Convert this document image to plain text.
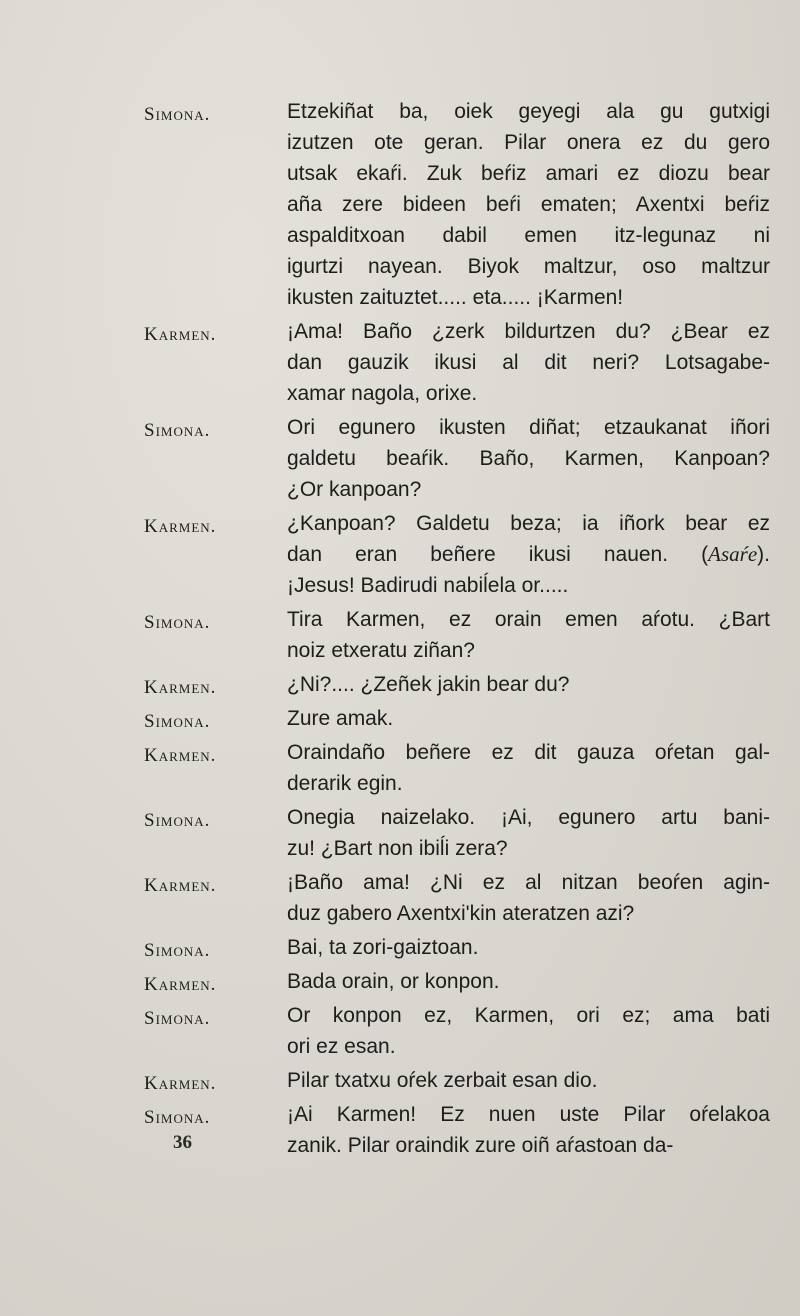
Simona.	Etzekiñat ba, oiek geyegi ala gu gutxigi
izutzen ote geran. Pilar onera ez du gero
utsak ekaŕi. Zuk beŕiz amari ez diozu bear
aña zere bideen beŕi ematen; Axentxi beŕiz
aspalditxoan dabil emen itz-legunaz ni
igurtzi nayean. Biyok maltzur, oso maltzur
ikusten zaituztet..... eta..... ¡Karmen!
Karmen.	¡Ama! Baño ¿zerk bildurtzen du? ¿Bear ez
dan gauzik ikusi al dit neri? Lotsagabe-
xamar nagola, orixe.
Simona.	Ori egunero ikusten diñat; etzaukanat iñori
galdetu beaŕik. Baño, Karmen, Kanpoan?
¿Or kanpoan?
Karmen.	¿Kanpoan? Galdetu beza; ia iñork bear ez
dan eran beñere ikusi nauen. (Asaŕe).
¡Jesus! Badirudi nabiĺela or.....
Simona.	Tira Karmen, ez orain emen aŕotu. ¿Bart
noiz etxeratu ziñan?
Karmen.	¿Ni?.... ¿Zeñek jakin bear du?
Simona.	Zure amak.
Karmen.	Oraindaño beñere ez dit gauza oŕetan gal-
derarik egin.
Simona.	Onegia naizelako. ¡Ai, egunero artu bani-
zu! ¿Bart non ibiĺi zera?
Karmen.	¡Baño ama! ¿Ni ez al nitzan beoŕen agin-
duz gabero Axentxi'kin ateratzen azi?
Simona.	Bai, ta zori-gaiztoan.
Karmen.	Bada orain, or konpon.
Simona.	Or konpon ez, Karmen, ori ez; ama bati
ori ez esan.
Karmen.	Pilar txatxu oŕek zerbait esan dio.
Simona.	¡Ai Karmen! Ez nuen uste Pilar oŕelakoa
zanik. Pilar oraindik zure oiñ aŕastoan da-
36
